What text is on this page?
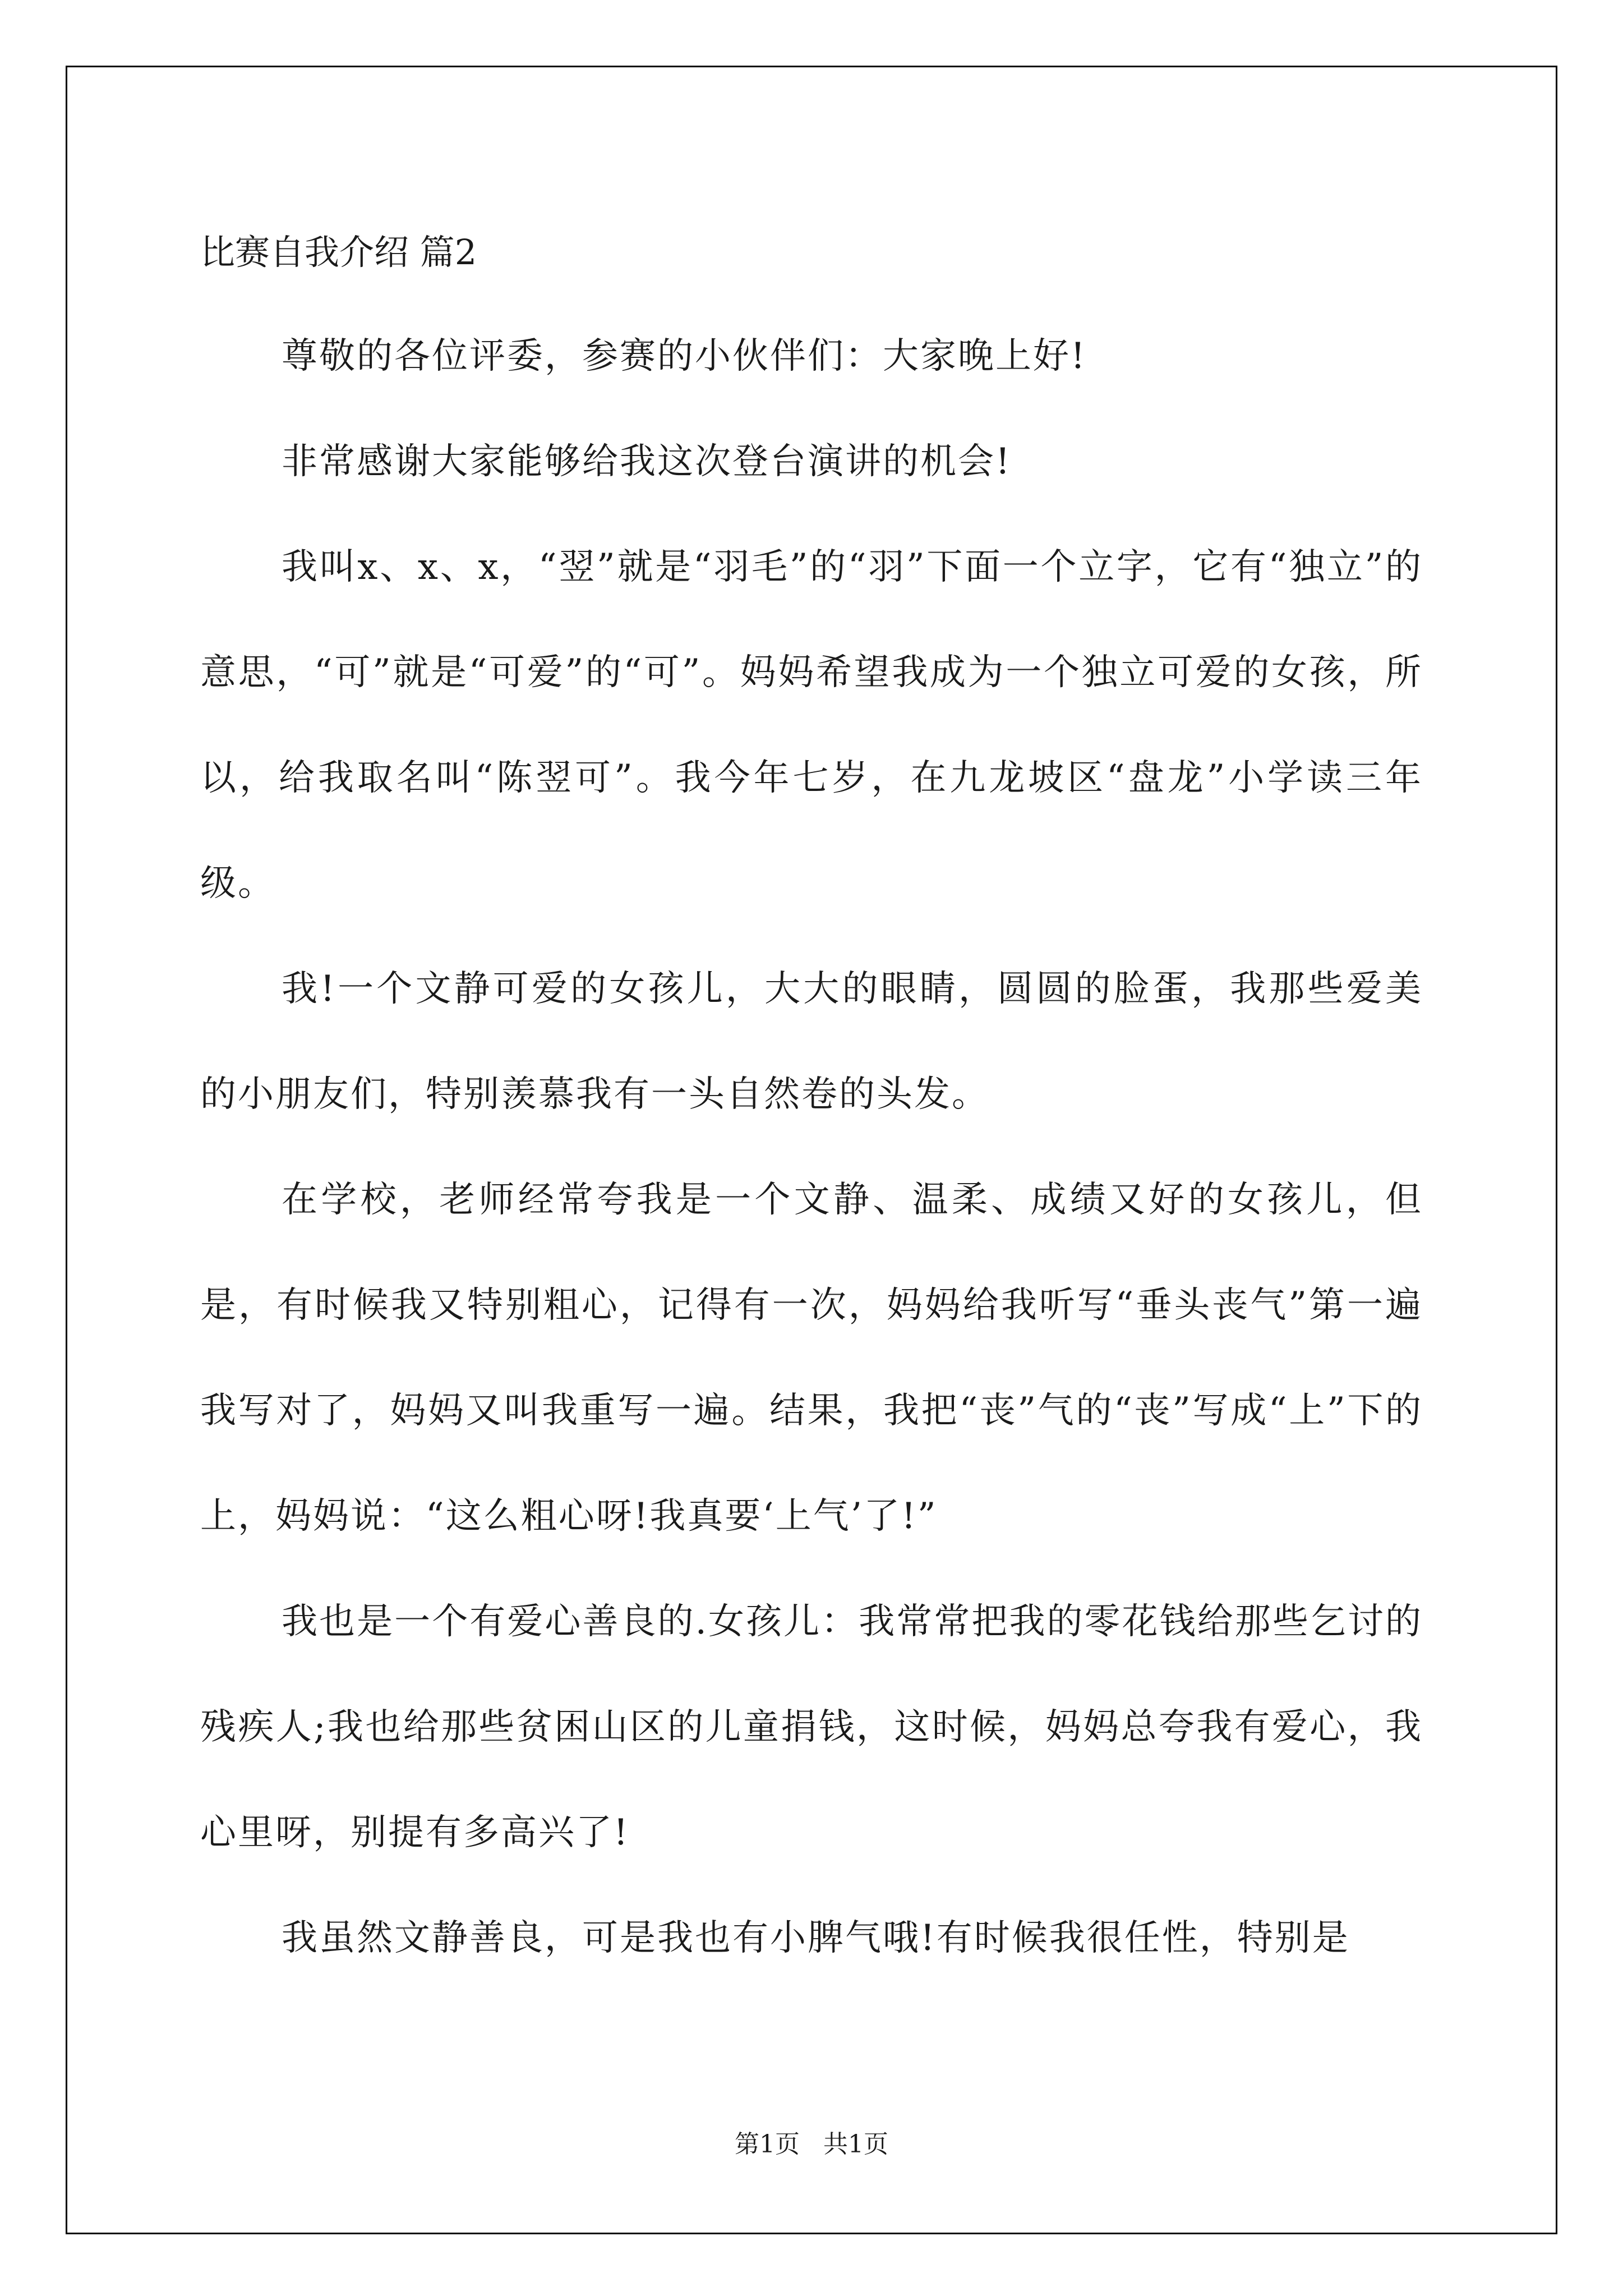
比赛自我介绍 篇2

尊敬的各位评委，参赛的小伙伴们：大家晚上好!

非常感谢大家能够给我这次登台演讲的机会!

我叫x、x、x，“翌”就是“羽毛”的“羽”下面一个立字，它有“独立”的意思，“可”就是“可爱”的“可”。妈妈希望我成为一个独立可爱的女孩，所以，给我取名叫“陈翌可”。我今年七岁，在九龙坡区“盘龙”小学读三年级。

我!一个文静可爱的女孩儿，大大的眼睛，圆圆的脸蛋，我那些爱美的小朋友们，特别羡慕我有一头自然卷的头发。

在学校，老师经常夸我是一个文静、温柔、成绩又好的女孩儿，但是，有时候我又特别粗心，记得有一次，妈妈给我听写“垂头丧气”第一遍我写对了，妈妈又叫我重写一遍。结果，我把“丧”气的“丧”写成“上”下的上，妈妈说：“这么粗心呀!我真要‘上气’了!”

我也是一个有爱心善良的.女孩儿：我常常把我的零花钱给那些乞讨的残疾人;我也给那些贫困山区的儿童捐钱，这时候，妈妈总夸我有爱心，我心里呀，别提有多高兴了!

我虽然文静善良，可是我也有小脾气哦!有时候我很任性，特别是

第1页   共1页
